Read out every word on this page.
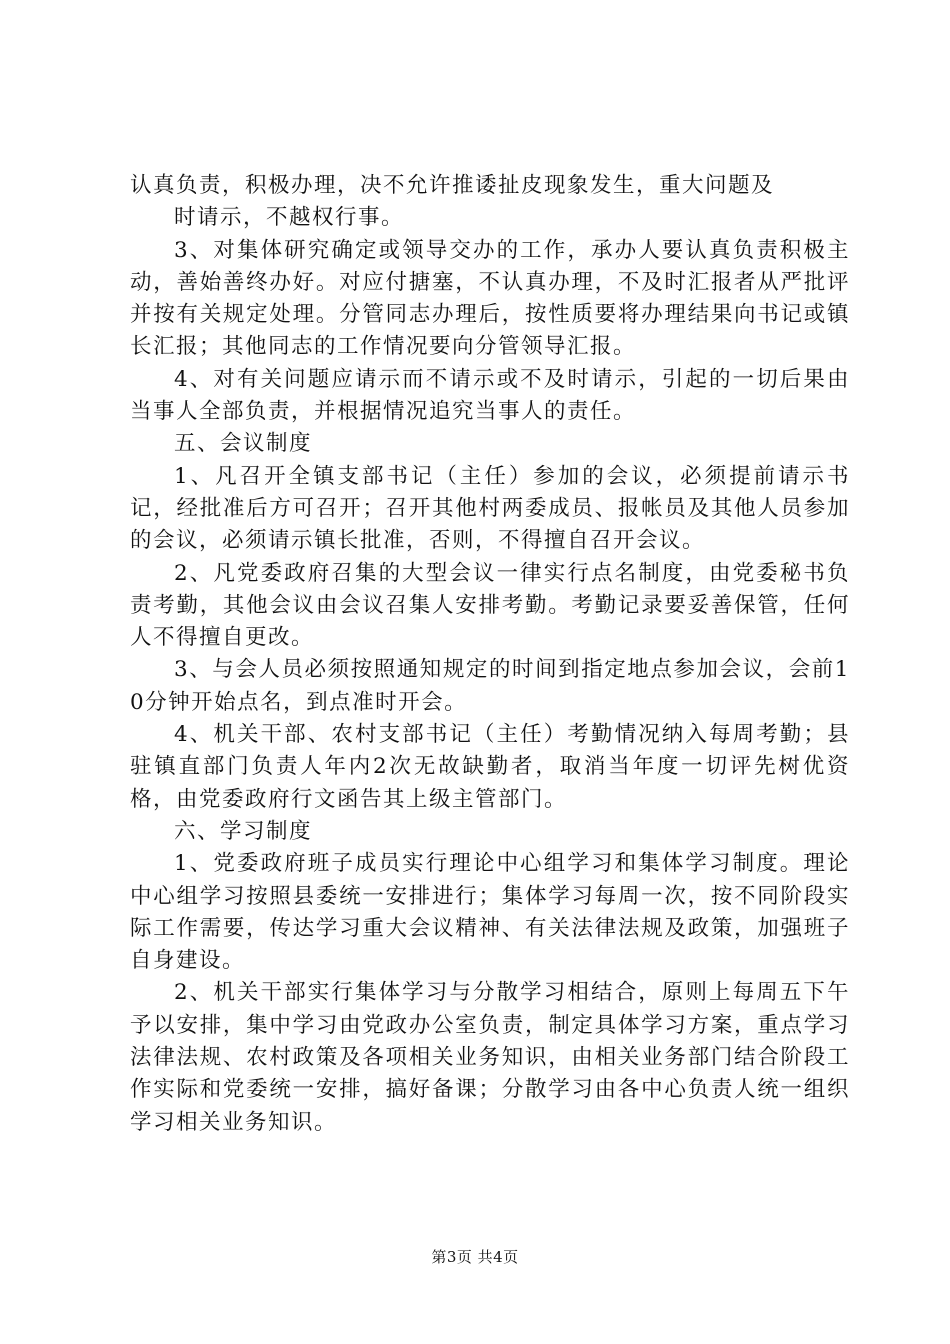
认真负责，积极办理，决不允许推诿扯皮现象发生，重大问题及

时请示，不越权行事。

3、对集体研究确定或领导交办的工作，承办人要认真负责积极主动，善始善终办好。对应付搪塞，不认真办理，不及时汇报者从严批评并按有关规定处理。分管同志办理后，按性质要将办理结果向书记或镇长汇报；其他同志的工作情况要向分管领导汇报。

4、对有关问题应请示而不请示或不及时请示，引起的一切后果由当事人全部负责，并根据情况追究当事人的责任。

五、会议制度

1、凡召开全镇支部书记（主任）参加的会议，必须提前请示书记，经批准后方可召开；召开其他村两委成员、报帐员及其他人员参加的会议，必须请示镇长批准，否则，不得擅自召开会议。

2、凡党委政府召集的大型会议一律实行点名制度，由党委秘书负责考勤，其他会议由会议召集人安排考勤。考勤记录要妥善保管，任何人不得擅自更改。

3、与会人员必须按照通知规定的时间到指定地点参加会议，会前10分钟开始点名，到点准时开会。

4、机关干部、农村支部书记（主任）考勤情况纳入每周考勤；县驻镇直部门负责人年内2次无故缺勤者，取消当年度一切评先树优资格，由党委政府行文函告其上级主管部门。

六、学习制度

1、党委政府班子成员实行理论中心组学习和集体学习制度。理论中心组学习按照县委统一安排进行；集体学习每周一次，按不同阶段实际工作需要，传达学习重大会议精神、有关法律法规及政策，加强班子自身建设。

2、机关干部实行集体学习与分散学习相结合，原则上每周五下午予以安排，集中学习由党政办公室负责，制定具体学习方案，重点学习法律法规、农村政策及各项相关业务知识，由相关业务部门结合阶段工作实际和党委统一安排，搞好备课；分散学习由各中心负责人统一组织学习相关业务知识。

第3页 共4页
